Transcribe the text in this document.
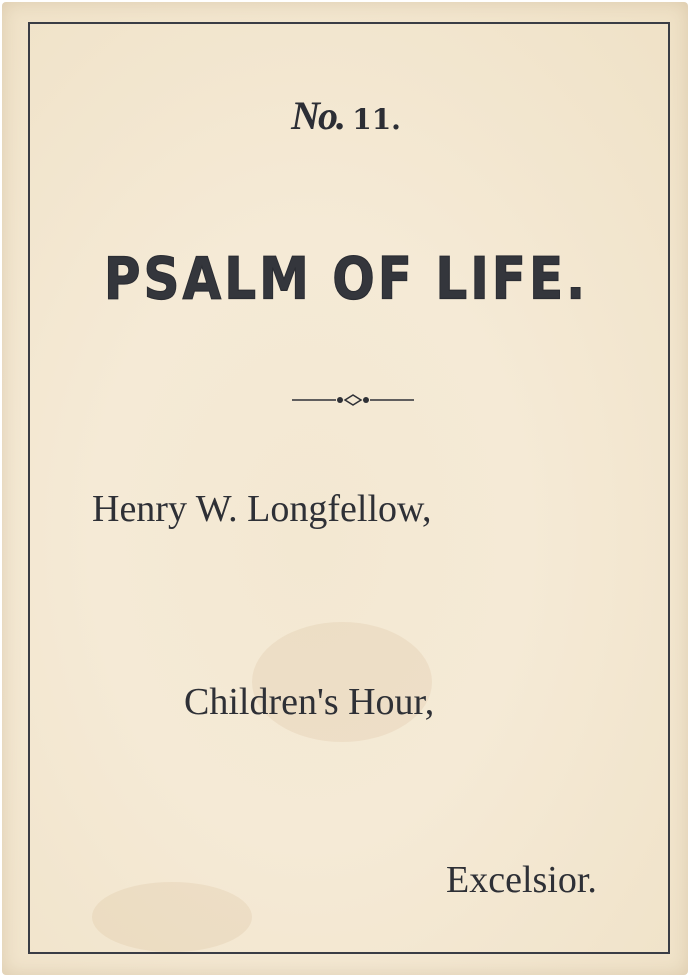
No. 11.
PSALM OF LIFE.
Henry W. Longfellow,
Children's Hour,
Excelsior.
